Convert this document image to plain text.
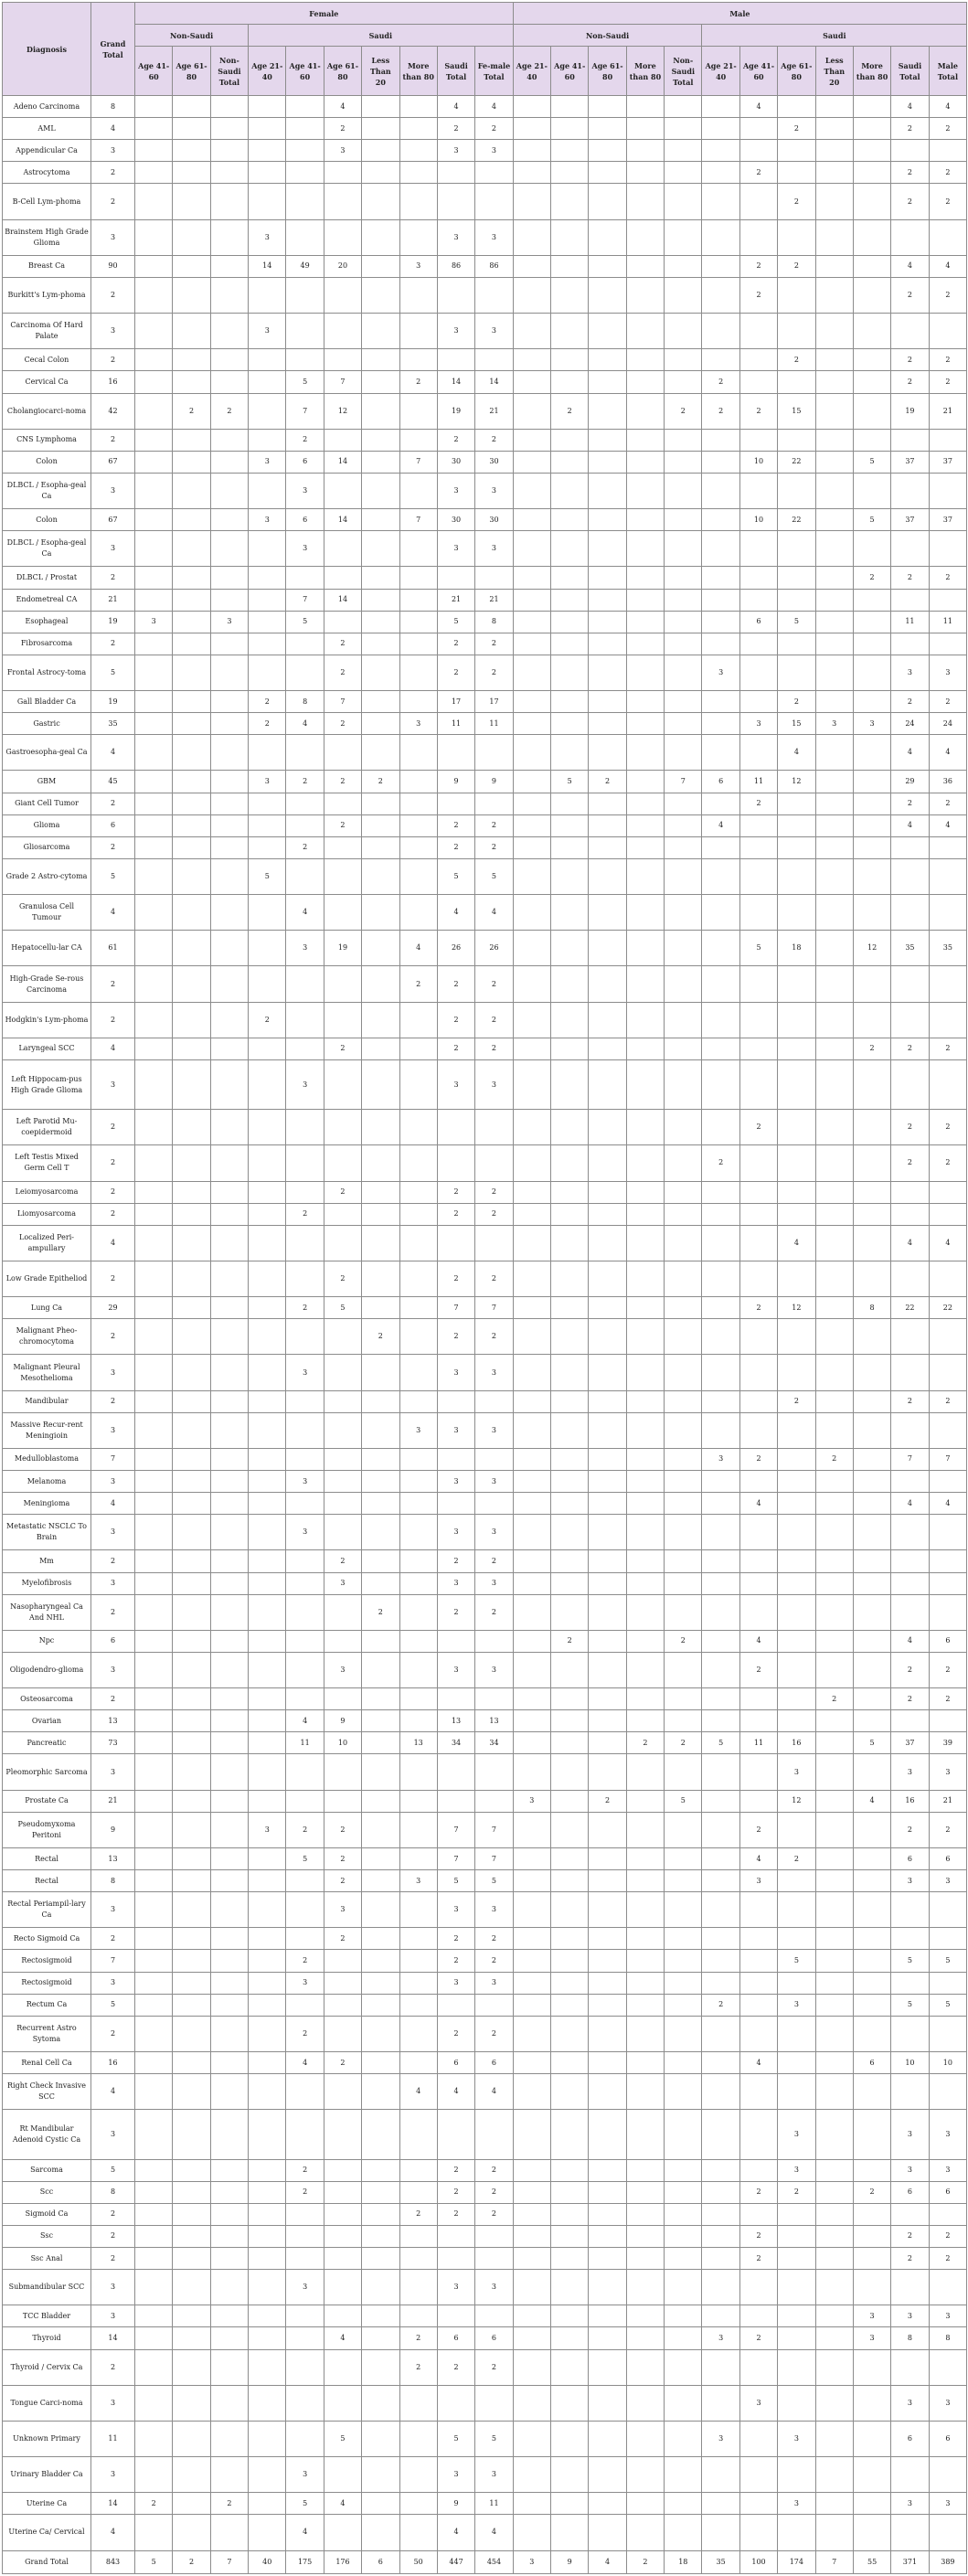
Diagnosis	Grand Total	Female										Male											
		Non-Saudi			Saudi							Non-Saudi					Saudi						
		Age 41-60	Age 61-80	Non-Saudi Total	Age 21-40	Age 41-60	Age 61-80	Less Than 20	More than 80	Saudi Total	Fe-male Total	Age 21-40	Age 41-60	Age 61-80	More than 80	Non-Saudi Total	Age 21-40	Age 41-60	Age 61-80	Less Than 20	More than 80	Saudi Total	Male Total
Adeno Carcinoma	8						4			4	4							4				4	4
AML	4						2			2	2								2			2	2
Appendicular Ca	3						3			3	3												
Astrocytoma	2																	2				2	2
B-Cell Lym-phoma	2																		2			2	2
Brainstem High Grade Glioma	3				3					3	3												
Breast Ca	90				14	49	20		3	86	86							2	2			4	4
Burkitt's Lym-phoma	2																	2				2	2
Carcinoma Of Hard Palate	3				3					3	3												
Cecal Colon	2																		2			2	2
Cervical Ca	16					5	7		2	14	14						2					2	2
Cholangiocarci-noma	42		2	2		7	12			19	21		2			2	2	2	15			19	21
CNS Lymphoma	2					2				2	2												
Colon	67				3	6	14		7	30	30							10	22		5	37	37
DLBCL / Esopha-geal Ca	3					3				3	3												
Colon	67				3	6	14		7	30	30							10	22		5	37	37
DLBCL / Esopha-geal Ca	3					3				3	3												
DLBCL / Prostat	2																				2	2	2
Endometreal CA	21					7	14			21	21												
Esophageal	19	3		3		5				5	8							6	5			11	11
Fibrosarcoma	2						2			2	2												
Frontal Astrocy-toma	5						2			2	2						3					3	3
Gall Bladder Ca	19				2	8	7			17	17								2			2	2
Gastric	35				2	4	2		3	11	11							3	15	3	3	24	24
Gastroesopha-geal Ca	4																		4			4	4
GBM	45				3	2	2	2		9	9		5	2		7	6	11	12			29	36
Giant Cell Tumor	2																	2				2	2
Glioma	6						2			2	2						4					4	4
Gliosarcoma	2					2				2	2												
Grade 2 Astro-cytoma	5				5					5	5												
Granulosa Cell Tumour	4					4				4	4												
Hepatocellu-lar CA	61					3	19		4	26	26							5	18		12	35	35
High-Grade Se-rous Carcinoma	2								2	2	2												
Hodgkin's Lym-phoma	2				2					2	2												
Laryngeal SCC	4						2			2	2										2	2	2
Left Hippocam-pus High Grade Glioma	3					3				3	3												
Left Parotid Mu-coepidermoid	2																	2				2	2
Left Testis Mixed Germ Cell T	2																2					2	2
Leiomyosarcoma	2						2			2	2												
Liomyosarcoma	2					2				2	2												
Localized Peri-ampullary	4																		4			4	4
Low Grade Epitheliod	2						2			2	2												
Lung Ca	29					2	5			7	7							2	12		8	22	22
Malignant Pheo-chromocytoma	2							2		2	2												
Malignant Pleural Mesothelioma	3					3				3	3												
Mandibular	2																		2			2	2
Massive Recur-rent Meningioin	3								3	3	3												
Medulloblastoma	7																3	2		2		7	7
Melanoma	3					3				3	3												
Meningioma	4																	4				4	4
Metastatic NSCLC To Brain	3					3				3	3												
Mm	2						2			2	2												
Myelofibrosis	3						3			3	3												
Nasopharyngeal Ca And NHL	2							2		2	2												
Npc	6												2			2		4				4	6
Oligodendro-glioma	3						3			3	3							2				2	2
Osteosarcoma	2																			2		2	2
Ovarian	13					4	9			13	13												
Pancreatic	73					11	10		13	34	34				2	2	5	11	16		5	37	39
Pleomorphic Sarcoma	3																		3			3	3
Prostate Ca	21											3		2		5			12		4	16	21
Pseudomyxoma Peritoni	9				3	2	2			7	7							2				2	2
Rectal	13					5	2			7	7							4	2			6	6
Rectal	8						2		3	5	5							3				3	3
Rectal Periampil-lary Ca	3						3			3	3												
Recto Sigmoid Ca	2						2			2	2												
Rectosigmoid	7					2				2	2								5			5	5
Rectosigmoid	3					3				3	3												
Rectum Ca	5																2		3			5	5
Recurrent Astro Sytoma	2					2				2	2												
Renal Cell Ca	16					4	2			6	6							4			6	10	10
Right Check Invasive SCC	4								4	4	4												
Rt Mandibular Adenoid Cystic Ca	3																		3			3	3
Sarcoma	5					2				2	2								3			3	3
Scc	8					2				2	2							2	2		2	6	6
Sigmoid Ca	2								2	2	2												
Ssc	2																	2				2	2
Ssc Anal	2																	2				2	2
Submandibular SCC	3					3				3	3												
TCC Bladder	3																				3	3	3
Thyroid	14						4		2	6	6						3	2			3	8	8
Thyroid / Cervix Ca	2								2	2	2												
Tongue Carci-noma	3																	3				3	3
Unknown Primary	11						5			5	5						3		3			6	6
Urinary Bladder Ca	3					3				3	3												
Uterine Ca	14	2		2		5	4			9	11								3			3	3
Uterine Ca/ Cervical	4					4				4	4												
Grand Total	843	5	2	7	40	175	176	6	50	447	454	3	9	4	2	18	35	100	174	7	55	371	389
